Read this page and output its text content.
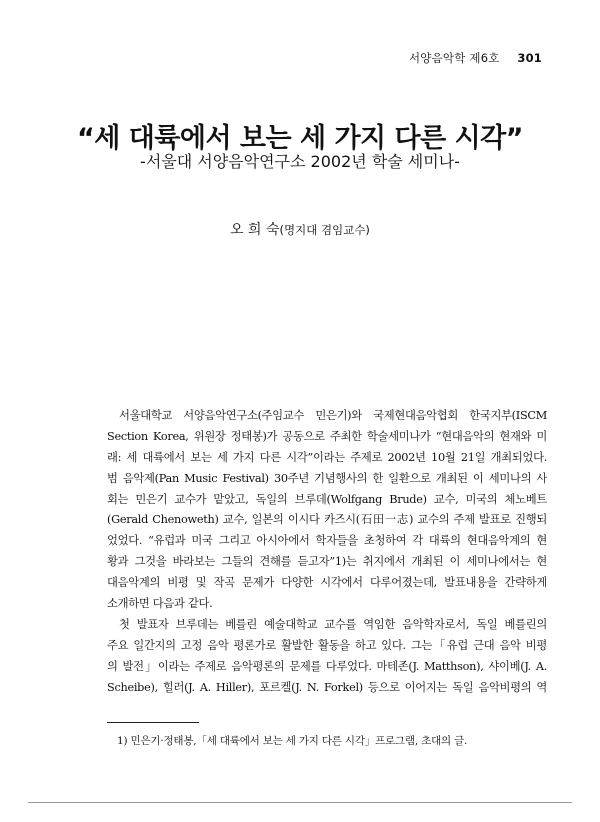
서양음악학 제6호 301
“세 대륙에서 보는 세 가지 다른 시각”
-서울대 서양음악연구소 2002년 학술 세미나-
오 희 숙(명지대 겸임교수)
서울대학교 서양음악연구소(주임교수 민은기)와 국제현대음악협회 한국지부(ISCM
Section Korea, 위원장 정태봉)가 공동으로 주최한 학술세미나가 “현대음악의 현재와 미
래: 세 대륙에서 보는 세 가지 다른 시각”이라는 주제로 2002년 10월 21일 개최되었다.
범 음악제(Pan Music Festival) 30주년 기념행사의 한 일환으로 개최된 이 세미나의 사
회는 민은기 교수가 맡았고, 독일의 브루데(Wolfgang Brude) 교수, 미국의 체노베트
(Gerald Chenoweth) 교수, 일본의 이시다 카즈시(石田一志) 교수의 주제 발표로 진행되
었었다. “유럽과 미국 그리고 아시아에서 학자들을 초청하여 각 대륙의 현대음악계의 현
황과 그것을 바라보는 그들의 견해를 듣고자”1)는 취지에서 개최된 이 세미나에서는 현
대음악계의 비평 및 작곡 문제가 다양한 시각에서 다루어졌는데, 발표내용을 간략하게
소개하면 다음과 같다.
첫 발표자 브루데는 베를린 예술대학교 교수를 역임한 음악학자로서, 독일 베를린의
주요 일간지의 고정 음악 평론가로 활발한 활동을 하고 있다. 그는「유럽 근대 음악 비평
의 발전」이라는 주제로 음악평론의 문제를 다루었다. 마테존(J. Matthson), 샤이베(J. A.
Scheibe), 힐러(J. A. Hiller), 포르켈(J. N. Forkel) 등으로 이어지는 독일 음악비평의 역
1) 민은기·정태봉,「세 대륙에서 보는 세 가지 다른 시각」프로그램, 초대의 글.
